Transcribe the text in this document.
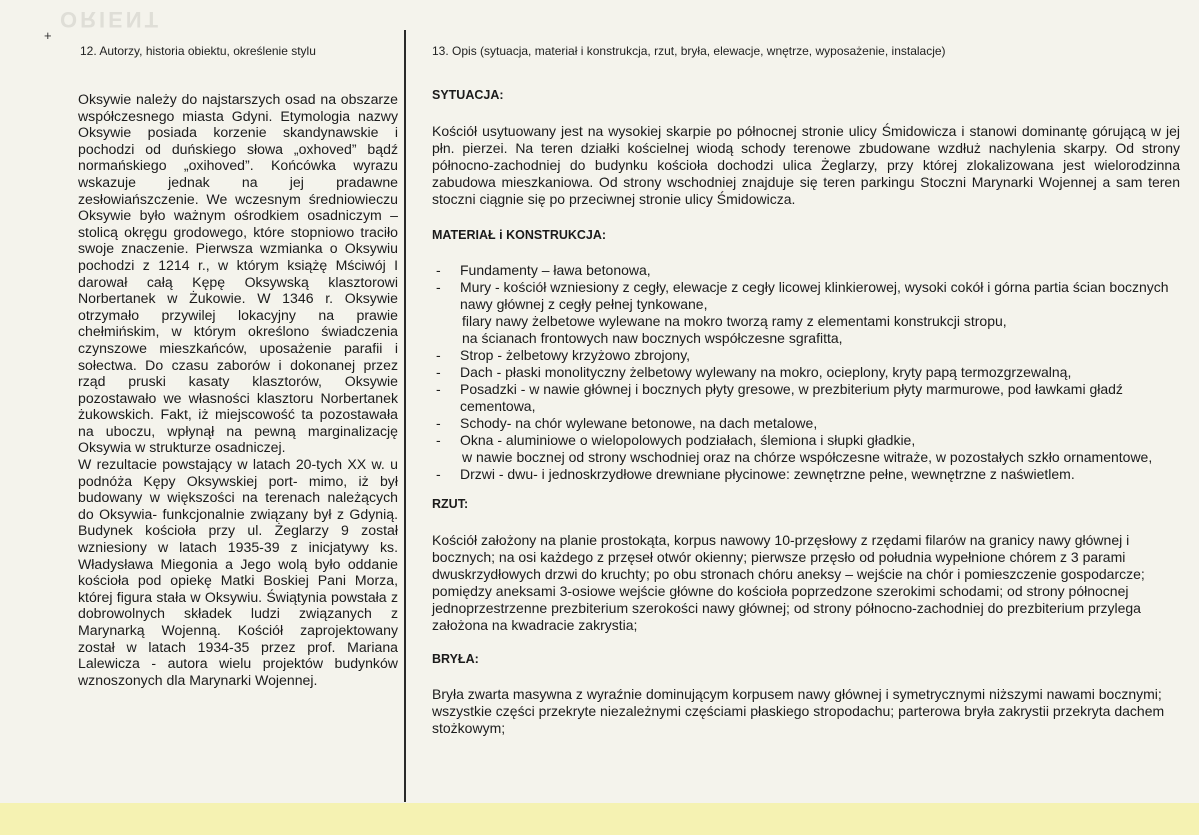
ORIENT
+
12. Autorzy, historia obiektu, określenie stylu

Oksywie należy do najstarszych osad na obszarze współczesnego miasta Gdyni. Etymologia nazwy Oksywie posiada korzenie skandynawskie i pochodzi od duńskiego słowa „oxhoved” bądź normańskiego „oxihoved”. Końcówka wyrazu wskazuje jednak na jej pradawne zesłowiańszczenie. We wczesnym średniowieczu Oksywie było ważnym ośrodkiem osadniczym – stolicą okręgu grodowego, które stopniowo traciło swoje znaczenie. Pierwsza wzmianka o Oksywiu pochodzi z 1214 r., w którym książę Mściwój I darował całą Kępę Oksywską klasztorowi Norbertanek w Żukowie. W 1346 r. Oksywie otrzymało przywilej lokacyjny na prawie chełmińskim, w którym określono świadczenia czynszowe mieszkańców, uposażenie parafii i sołectwa. Do czasu zaborów i dokonanej przez rząd pruski kasaty klasztorów, Oksywie pozostawało we własności klasztoru Norbertanek żukowskich. Fakt, iż miejscowość ta pozostawała na uboczu, wpłynął na pewną marginalizację Oksywia w strukturze osadniczej.

W rezultacie powstający w latach 20-tych XX w. u podnóża Kępy Oksywskiej port- mimo, iż był budowany w większości na terenach należących do Oksywia- funkcjonalnie związany był z Gdynią. Budynek kościoła przy ul. Żeglarzy 9 został wzniesiony w latach 1935-39 z inicjatywy ks. Władysława Miegonia a Jego wolą było oddanie kościoła pod opiekę Matki Boskiej Pani Morza, której figura stała w Oksywiu. Świątynia powstała z dobrowolnych składek ludzi związanych z Marynarką Wojenną. Kościół zaprojektowany został w latach 1934-35 przez prof. Mariana Lalewicza - autora wielu projektów budynków wznoszonych dla Marynarki Wojennej.

13. Opis (sytuacja, materiał i konstrukcja, rzut, bryła, elewacje, wnętrze, wyposażenie, instalacje)
SYTUACJA:

Kościół usytuowany jest na wysokiej skarpie po północnej stronie ulicy Śmidowicza i stanowi dominantę górującą w jej płn. pierzei. Na teren działki kościelnej wiodą schody terenowe zbudowane wzdłuż nachylenia skarpy. Od strony północno-zachodniej do budynku kościoła dochodzi ulica Żeglarzy, przy której zlokalizowana jest wielorodzinna zabudowa mieszkaniowa. Od strony wschodniej znajduje się teren parkingu Stoczni Marynarki Wojennej a sam teren stoczni ciągnie się po przeciwnej stronie ulicy Śmidowicza.

MATERIAŁ i KONSTRUKCJA:
- Fundamenty – ława betonowa,
- Mury - kościół wzniesiony z cegły, elewacje z cegły licowej klinkierowej, wysoki cokół i górna partia ścian bocznych nawy głównej z cegły pełnej tynkowane,
filary nawy żelbetowe wylewane na mokro tworzą ramy z elementami konstrukcji stropu,
na ścianach frontowych naw bocznych współczesne sgrafitta,
- Strop - żelbetowy krzyżowo zbrojony,
- Dach - płaski monolityczny żelbetowy wylewany na mokro, ocieplony, kryty papą termozgrzewalną,
- Posadzki - w nawie głównej i bocznych płyty gresowe, w prezbiterium płyty marmurowe, pod ławkami gładź cementowa,
- Schody- na chór wylewane betonowe, na dach metalowe,
- Okna - aluminiowe o wielopolowych podziałach, ślemiona i słupki gładkie,
w nawie bocznej od strony wschodniej oraz na chórze współczesne witraże, w pozostałych szkło ornamentowe,
- Drzwi - dwu- i jednoskrzydłowe drewniane płycinowe: zewnętrzne pełne, wewnętrzne z naświetlem.
RZUT:

Kościół założony na planie prostokąta, korpus nawowy 10-przęsłowy z rzędami filarów na granicy nawy głównej i bocznych; na osi każdego z przęseł otwór okienny; pierwsze przęsło od południa wypełnione chórem z 3 parami dwuskrzydłowych drzwi do kruchty; po obu stronach chóru aneksy – wejście na chór i pomieszczenie gospodarcze; pomiędzy aneksami 3-osiowe wejście główne do kościoła poprzedzone szerokimi schodami; od strony północnej jednoprzestrzenne prezbiterium szerokości nawy głównej; od strony północno-zachodniej do prezbiterium przylega założona na kwadracie zakrystia;

BRYŁA:

Bryła zwarta masywna z wyraźnie dominującym korpusem nawy głównej i symetrycznymi niższymi nawami bocznymi; wszystkie części przekryte niezależnymi częściami płaskiego stropodachu; parterowa bryła zakrystii przekryta dachem stożkowym;
